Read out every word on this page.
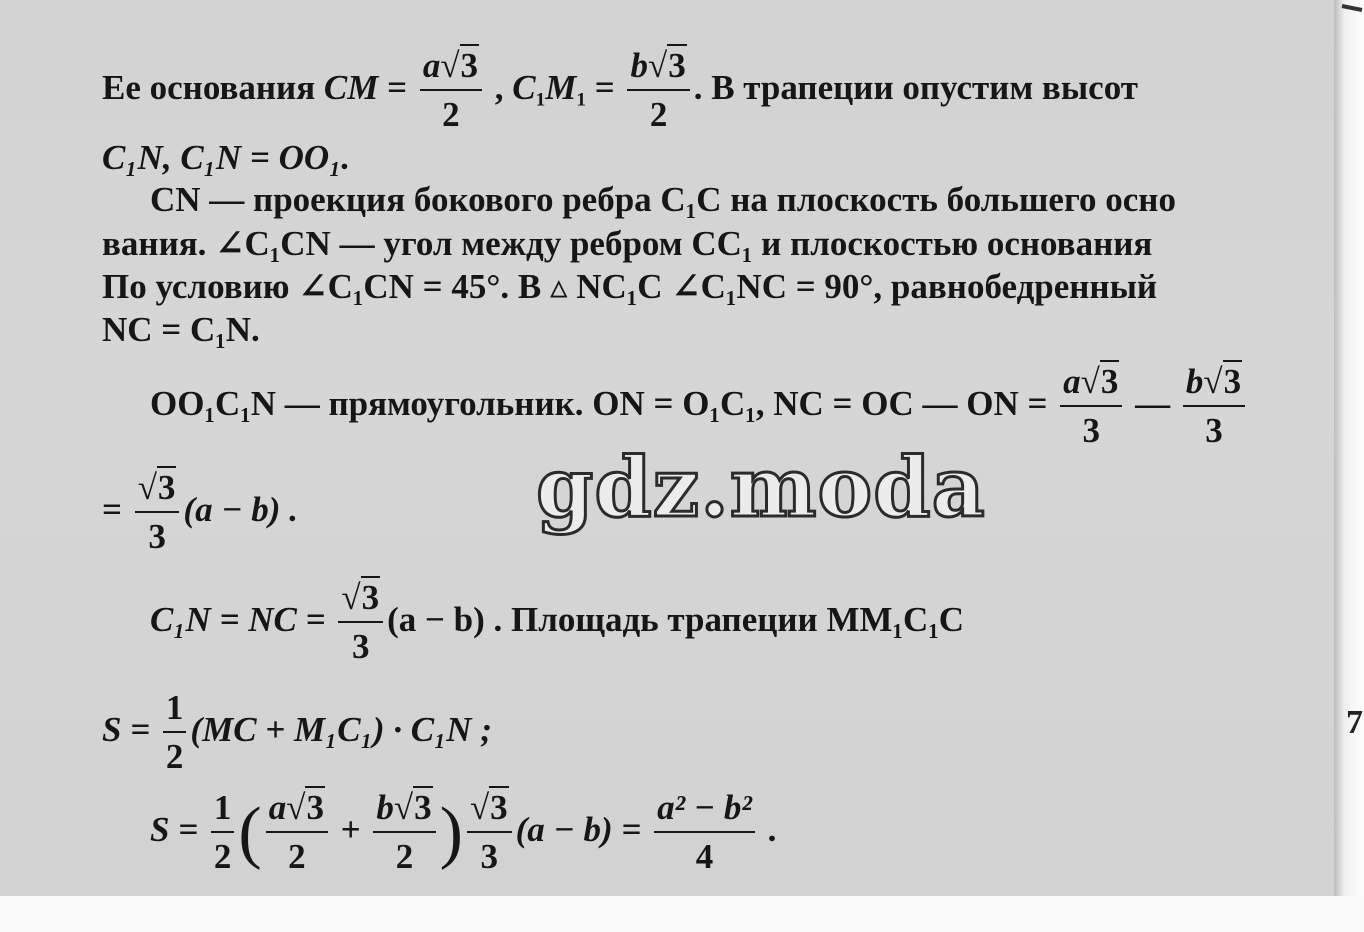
Ее основания CM = $\frac{a√3}{2}$ , $C_1M_1 = \frac{b√3}{2}$ . В трапеции опустим высот
C₁N, C₁N = OO₁.
CN — проекция бокового ребра C₁C на плоскость большего осно
вания. ∠C₁CN — угол между ребром CC₁ и плоскостью основания
По условию ∠C₁CN = 45°. В ▵ NC₁C ∠C₁NC = 90°, равнобедренный
NC = C₁N.
OO₁C₁N — прямоугольник. ON = O₁C₁, NC = OC — ON = $\frac{a√3}{3}$ — $\frac{b√3}{3}$
= $\frac{√3}{3} (a - b)$ .
C₁N = NC = $\frac{√3}{3} (a - b)$ . Площадь трапеции MM₁C₁C
$S = \frac{1}{2} (MC + M_1C_1) \cdot C_1N$ ;
$S = \frac{1}{2}$ ( $\frac{a√3}{2} + \frac{b√3}{2}$ ) $\frac{√3}{3} (a - b) = \frac{\text{a² − b²}}{4}$ .
gdz.moda
7
